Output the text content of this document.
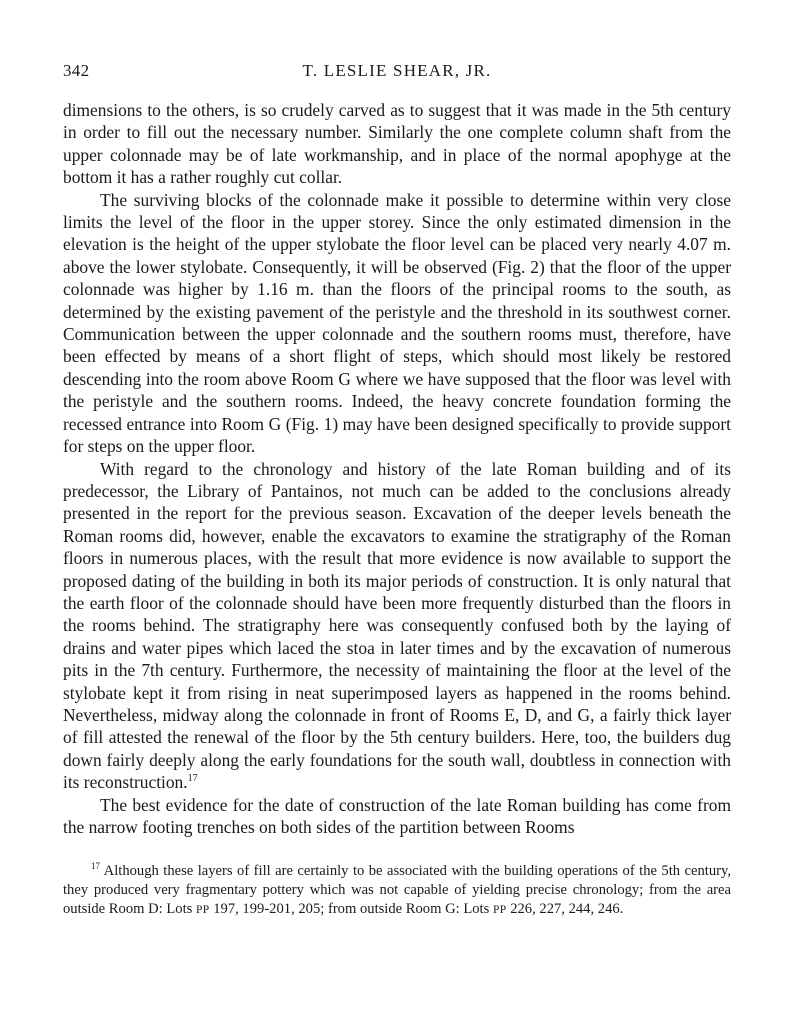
342	T. LESLIE SHEAR, JR.

dimensions to the others, is so crudely carved as to suggest that it was made in the 5th century in order to fill out the necessary number. Similarly the one complete column shaft from the upper colonnade may be of late workmanship, and in place of the normal apophyge at the bottom it has a rather roughly cut collar.

The surviving blocks of the colonnade make it possible to determine within very close limits the level of the floor in the upper storey. Since the only estimated dimension in the elevation is the height of the upper stylobate the floor level can be placed very nearly 4.07 m. above the lower stylobate. Consequently, it will be observed (Fig. 2) that the floor of the upper colonnade was higher by 1.16 m. than the floors of the principal rooms to the south, as determined by the existing pavement of the peristyle and the threshold in its southwest corner. Communication between the upper colonnade and the southern rooms must, therefore, have been effected by means of a short flight of steps, which should most likely be restored descending into the room above Room G where we have supposed that the floor was level with the peristyle and the southern rooms. Indeed, the heavy concrete foundation forming the recessed entrance into Room G (Fig. 1) may have been designed specifically to provide support for steps on the upper floor.

With regard to the chronology and history of the late Roman building and of its predecessor, the Library of Pantainos, not much can be added to the conclusions already presented in the report for the previous season. Excavation of the deeper levels beneath the Roman rooms did, however, enable the excavators to examine the stratigraphy of the Roman floors in numerous places, with the result that more evidence is now available to support the proposed dating of the building in both its major periods of construction. It is only natural that the earth floor of the colonnade should have been more frequently disturbed than the floors in the rooms behind. The stratigraphy here was consequently confused both by the laying of drains and water pipes which laced the stoa in later times and by the excavation of numerous pits in the 7th century. Furthermore, the necessity of maintaining the floor at the level of the stylobate kept it from rising in neat superimposed layers as happened in the rooms behind. Nevertheless, midway along the colonnade in front of Rooms E, D, and G, a fairly thick layer of fill attested the renewal of the floor by the 5th century builders. Here, too, the builders dug down fairly deeply along the early foundations for the south wall, doubtless in connection with its reconstruction.$^{17}$

The best evidence for the date of construction of the late Roman building has come from the narrow footing trenches on both sides of the partition between Rooms

$^{17}$ Although these layers of fill are certainly to be associated with the building operations of the 5th century, they produced very fragmentary pottery which was not capable of yielding precise chronology; from the area outside Room D: Lots PP 197, 199-201, 205; from outside Room G: Lots PP 226, 227, 244, 246.
